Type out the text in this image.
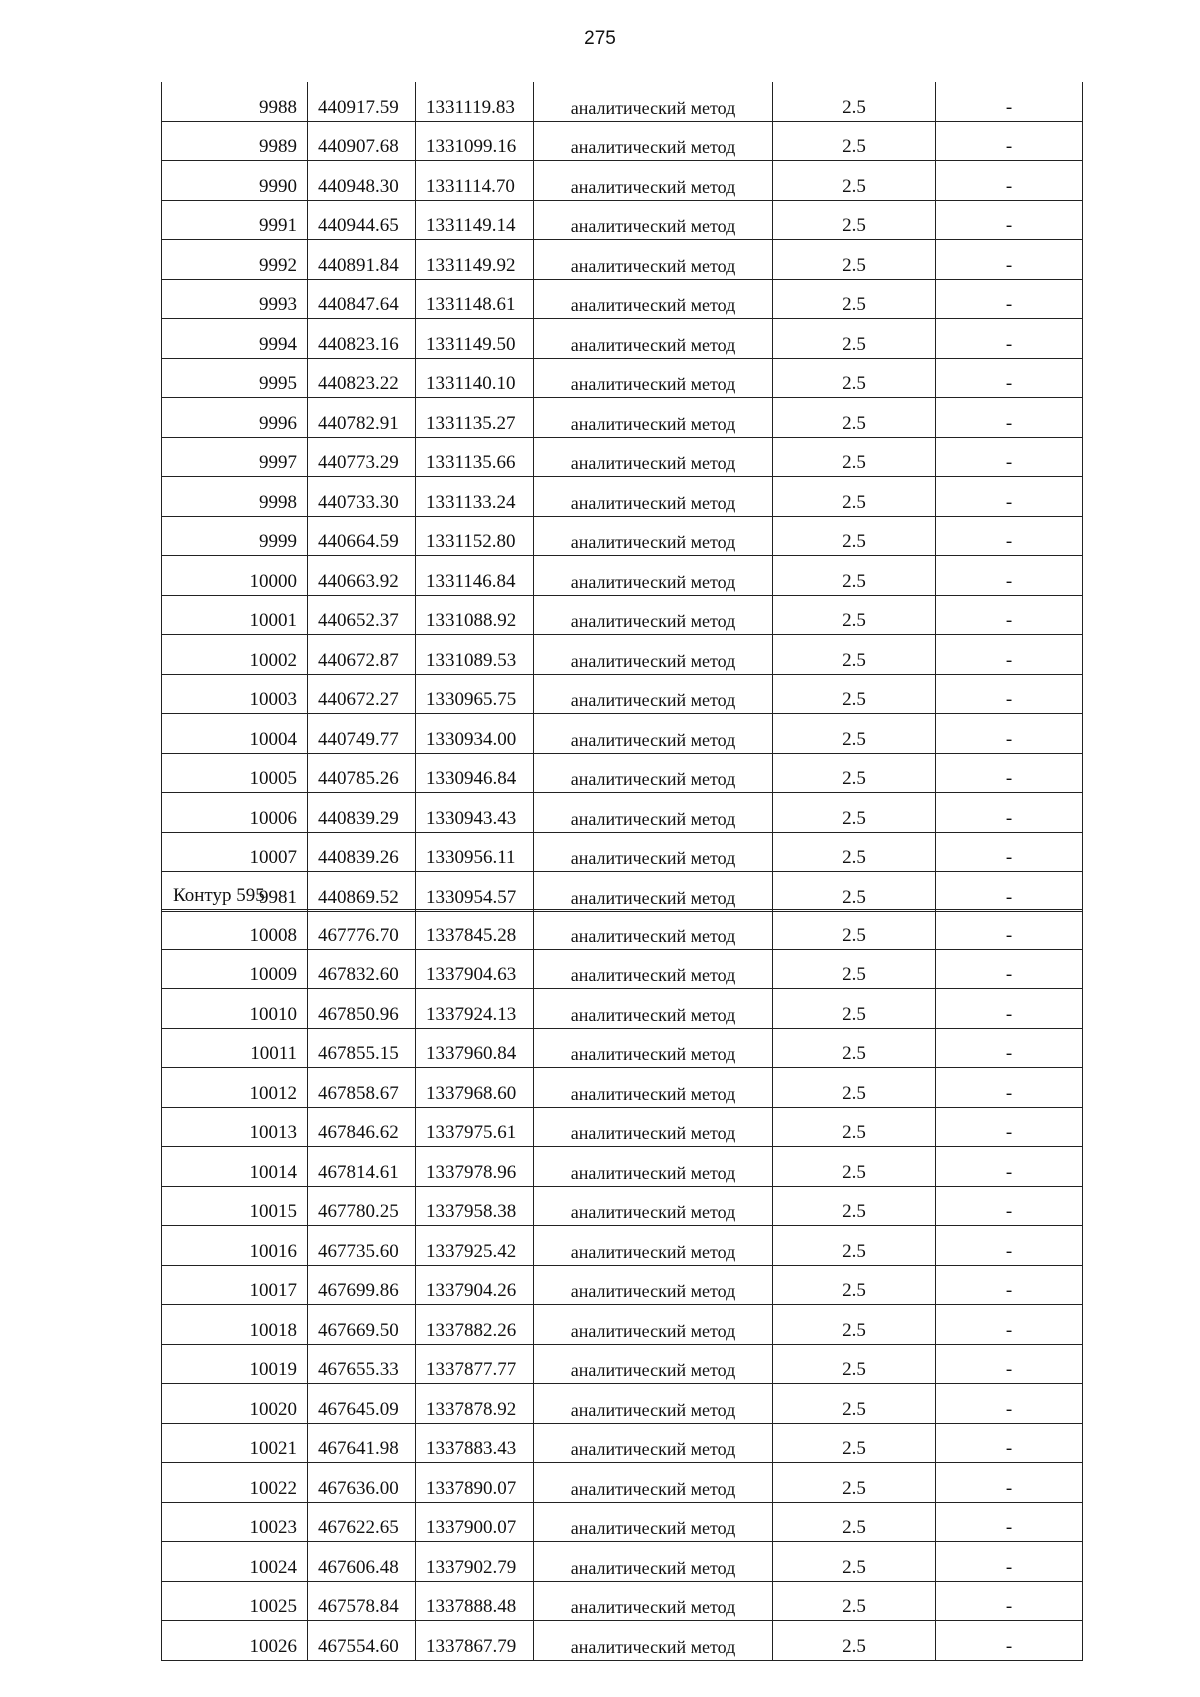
275
9988	440917.59	1331119.83	аналитический метод	2.5	-
9989	440907.68	1331099.16	аналитический метод	2.5	-
9990	440948.30	1331114.70	аналитический метод	2.5	-
9991	440944.65	1331149.14	аналитический метод	2.5	-
9992	440891.84	1331149.92	аналитический метод	2.5	-
9993	440847.64	1331148.61	аналитический метод	2.5	-
9994	440823.16	1331149.50	аналитический метод	2.5	-
9995	440823.22	1331140.10	аналитический метод	2.5	-
9996	440782.91	1331135.27	аналитический метод	2.5	-
9997	440773.29	1331135.66	аналитический метод	2.5	-
9998	440733.30	1331133.24	аналитический метод	2.5	-
9999	440664.59	1331152.80	аналитический метод	2.5	-
10000	440663.92	1331146.84	аналитический метод	2.5	-
10001	440652.37	1331088.92	аналитический метод	2.5	-
10002	440672.87	1331089.53	аналитический метод	2.5	-
10003	440672.27	1330965.75	аналитический метод	2.5	-
10004	440749.77	1330934.00	аналитический метод	2.5	-
10005	440785.26	1330946.84	аналитический метод	2.5	-
10006	440839.29	1330943.43	аналитический метод	2.5	-
10007	440839.26	1330956.11	аналитический метод	2.5	-
9981	440869.52	1330954.57	аналитический метод	2.5	-
Контур 595
10008	467776.70	1337845.28	аналитический метод	2.5	-
10009	467832.60	1337904.63	аналитический метод	2.5	-
10010	467850.96	1337924.13	аналитический метод	2.5	-
10011	467855.15	1337960.84	аналитический метод	2.5	-
10012	467858.67	1337968.60	аналитический метод	2.5	-
10013	467846.62	1337975.61	аналитический метод	2.5	-
10014	467814.61	1337978.96	аналитический метод	2.5	-
10015	467780.25	1337958.38	аналитический метод	2.5	-
10016	467735.60	1337925.42	аналитический метод	2.5	-
10017	467699.86	1337904.26	аналитический метод	2.5	-
10018	467669.50	1337882.26	аналитический метод	2.5	-
10019	467655.33	1337877.77	аналитический метод	2.5	-
10020	467645.09	1337878.92	аналитический метод	2.5	-
10021	467641.98	1337883.43	аналитический метод	2.5	-
10022	467636.00	1337890.07	аналитический метод	2.5	-
10023	467622.65	1337900.07	аналитический метод	2.5	-
10024	467606.48	1337902.79	аналитический метод	2.5	-
10025	467578.84	1337888.48	аналитический метод	2.5	-
10026	467554.60	1337867.79	аналитический метод	2.5	-
